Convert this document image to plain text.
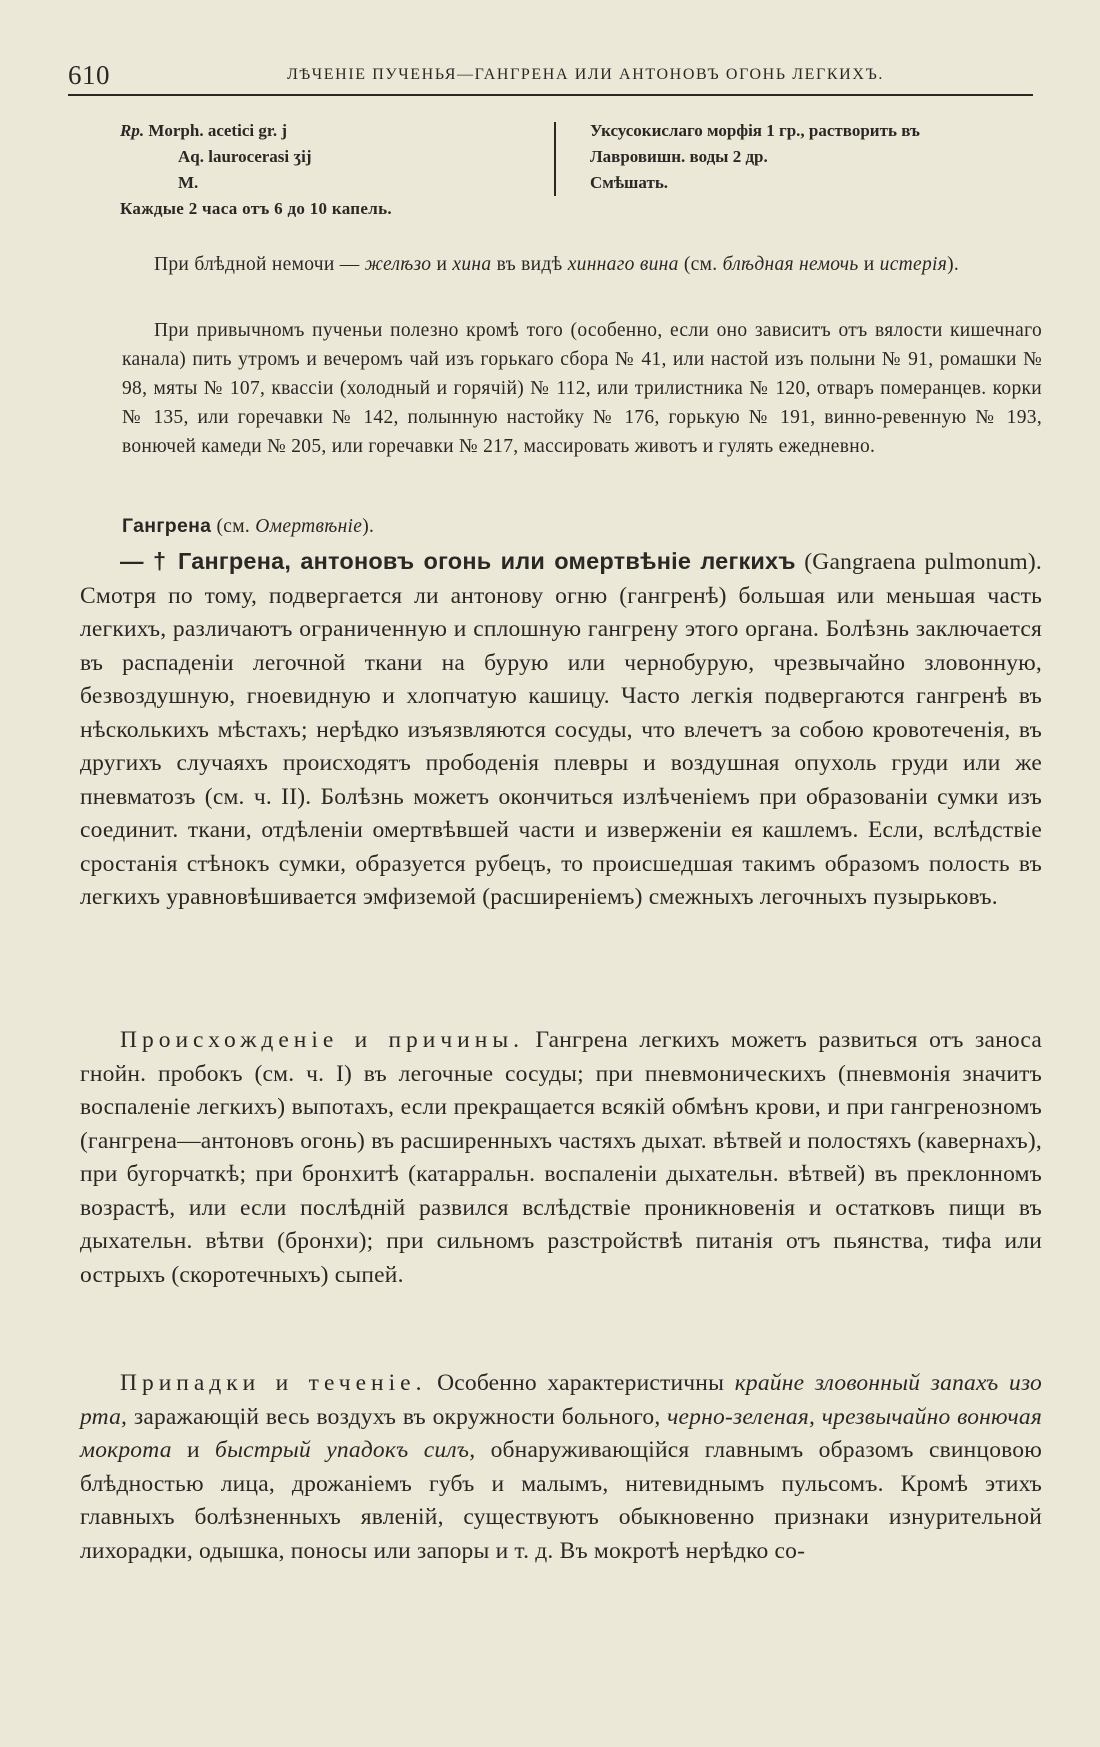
610	ЛѢЧЕНІЕ ПУЧЕНЬЯ—ГАНГРЕНА ИЛИ АНТОНОВЪ ОГОНЬ ЛЕГКИХЪ.
Rp. Morph. acetici gr. j
Aq. laurocerasi ʒij
M.
Уксусокислаго морфія 1 гр., растворить въ
Лавровишн. воды 2 др.
Смѣшать.
Каждые 2 часа отъ 6 до 10 капель.

При блѣдной немочи — желѣзо и хина въ видѣ хиннаго вина (см. блѣдная немочь и истерія).

При привычномъ пученьи полезно кромѣ того (особенно, если оно зависитъ отъ вялости кишечнаго канала) пить утромъ и вечеромъ чай изъ горькаго сбора № 41, или настой изъ полыни № 91, ромашки № 98, мяты № 107, квассіи (холодный и горячій) № 112, или трилистника № 120, отваръ померанцев. корки № 135, или горечавки № 142, полынную настойку № 176, горькую № 191, винно-ревенную № 193, вонючей камеди № 205, или горечавки № 217, массировать животъ и гулять ежедневно.

Гангрена (см. Омертвѣніе).

— † Гангрена, антоновъ огонь или омертвѣніе легкихъ (Gangraena pulmonum). Смотря по тому, подвергается ли антонову огню (гангренѣ) большая или меньшая часть легкихъ, различаютъ ограниченную и сплошную гангрену этого органа. Болѣзнь заключается въ распаденіи легочной ткани на бурую или чернобурую, чрезвычайно зловонную, безвоздушную, гноевидную и хлопчатую кашицу. Часто легкія подвергаются гангренѣ въ нѣсколькихъ мѣстахъ; нерѣдко изъязвляются сосуды, что влечетъ за собою кровотеченія, въ другихъ случаяхъ происходятъ прободенія плевры и воздушная опухоль груди или же пневматозъ (см. ч. II). Болѣзнь можетъ окончиться излѣченіемъ при образованіи сумки изъ соединит. ткани, отдѣленіи омертвѣвшей части и изверженіи ея кашлемъ. Если, вслѣдствіе сростанія стѣнокъ сумки, образуется рубецъ, то происшедшая такимъ образомъ полость въ легкихъ уравновѣшивается эмфиземой (расширеніемъ) смежныхъ легочныхъ пузырьковъ.

Происхожденіе и причины. Гангрена легкихъ можетъ развиться отъ заноса гнойн. пробокъ (см. ч. I) въ легочные сосуды; при пневмоническихъ (пневмонія значитъ воспаленіе легкихъ) выпотахъ, если прекращается всякій обмѣнъ крови, и при гангренозномъ (гангрена—антоновъ огонь) въ расширенныхъ частяхъ дыхат. вѣтвей и полостяхъ (кавернахъ), при бугорчаткѣ; при бронхитѣ (катарральн. воспаленіи дыхательн. вѣтвей) въ преклонномъ возрастѣ, или если послѣдній развился вслѣдствіе проникновенія и остатковъ пищи въ дыхательн. вѣтви (бронхи); при сильномъ разстройствѣ питанія отъ пьянства, тифа или острыхъ (скоротечныхъ) сыпей.

Припадки и теченіе. Особенно характеристичны крайне зловонный запахъ изо рта, заражающій весь воздухъ въ окружности больного, черно-зеленая, чрезвычайно вонючая мокрота и быстрый упадокъ силъ, обнаруживающійся главнымъ образомъ свинцовою блѣдностью лица, дрожаніемъ губъ и малымъ, нитевиднымъ пульсомъ. Кромѣ этихъ главныхъ болѣзненныхъ явленій, существуютъ обыкновенно признаки изнурительной лихорадки, одышка, поносы или запоры и т. д. Въ мокротѣ нерѣдко со-
